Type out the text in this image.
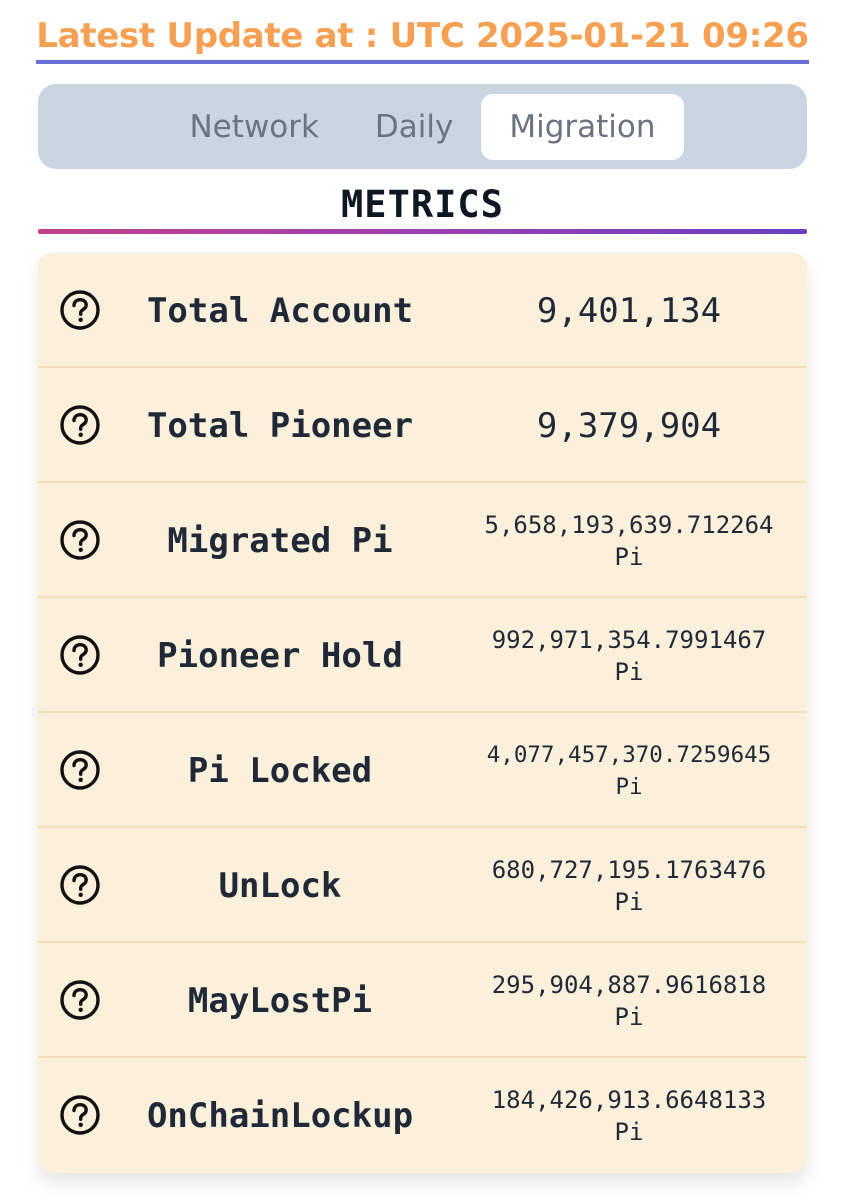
Latest Update at : UTC 2025-01-21 09:26
Network	Daily	Migration
METRICS
Total Account	9,401,134
Total Pioneer	9,379,904
Migrated Pi	5,658,193,639.712264
Pi
Pioneer Hold	992,971,354.7991467
Pi
Pi Locked	4,077,457,370.7259645
Pi
UnLock	680,727,195.1763476
Pi
MayLostPi	295,904,887.9616818
Pi
OnChainLockup	184,426,913.6648133
Pi
